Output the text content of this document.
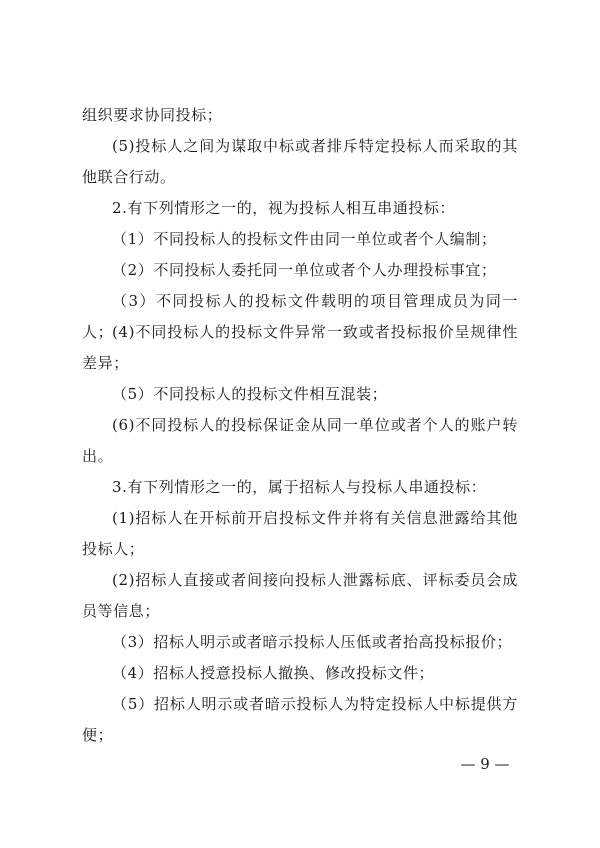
组织要求协同投标；

(5)投标人之间为谋取中标或者排斥特定投标人而采取的其他联合行动。

2.有下列情形之一的，视为投标人相互串通投标：

（1）不同投标人的投标文件由同一单位或者个人编制；

（2）不同投标人委托同一单位或者个人办理投标事宜；

（3）不同投标人的投标文件载明的项目管理成员为同一人；

(4)不同投标人的投标文件异常一致或者投标报价呈规律性差异；

（5）不同投标人的投标文件相互混装；

(6)不同投标人的投标保证金从同一单位或者个人的账户转出。

3.有下列情形之一的，属于招标人与投标人串通投标：

(1)招标人在开标前开启投标文件并将有关信息泄露给其他投标人；

(2)招标人直接或者间接向投标人泄露标底、评标委员会成员等信息；

（3）招标人明示或者暗示投标人压低或者抬高投标报价；

（4）招标人授意投标人撤换、修改投标文件；

（5）招标人明示或者暗示投标人为特定投标人中标提供方便；

— 9 —
